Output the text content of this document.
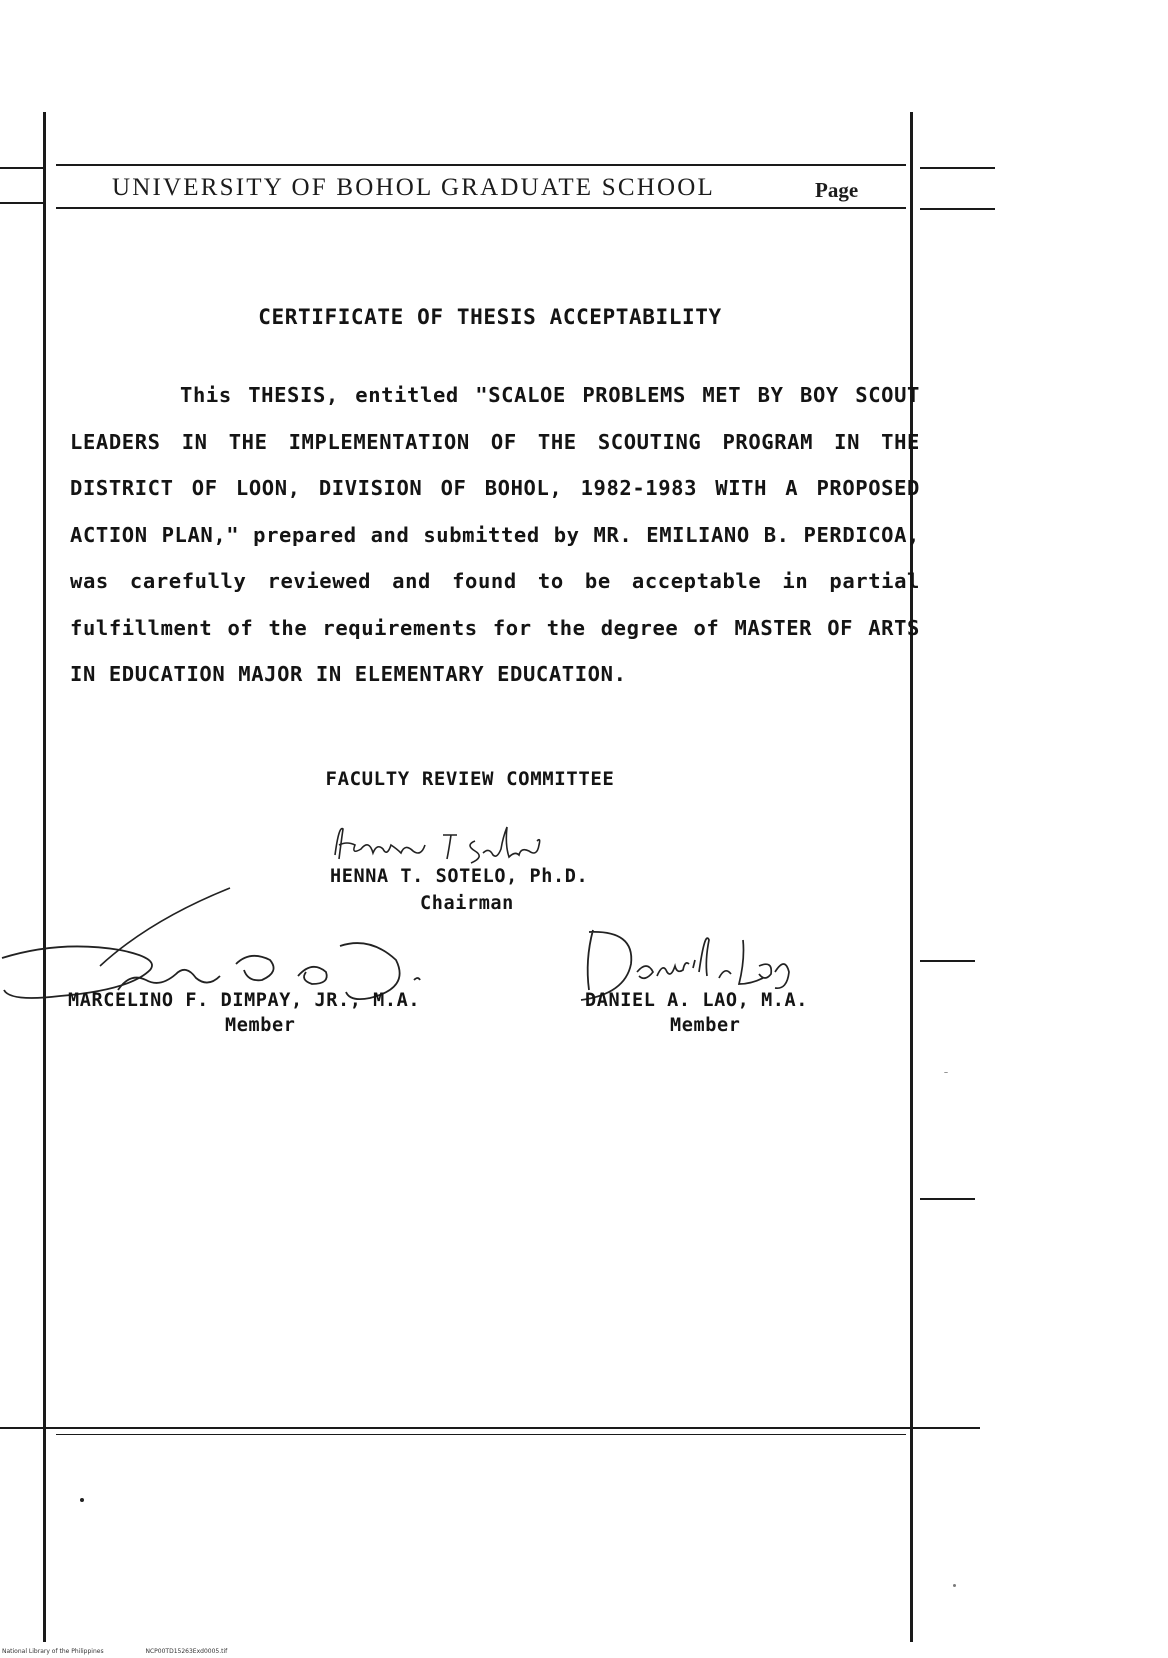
UNIVERSITY OF BOHOL GRADUATE SCHOOL	Page
CERTIFICATE OF THESIS ACCEPTABILITY
This THESIS, entitled "SCALOE PROBLEMS MET BY BOY SCOUT LEADERS IN THE IMPLEMENTATION OF THE SCOUTING PROGRAM IN THE DISTRICT OF LOON, DIVISION OF BOHOL, 1982-1983 WITH A PROPOSED ACTION PLAN," prepared and submitted by MR. EMILIANO B. PERDICOA, was carefully reviewed and found to be acceptable in partial fulfillment of the requirements for the degree of MASTER OF ARTS IN EDUCATION MAJOR IN ELEMENTARY EDUCATION.
FACULTY REVIEW COMMITTEE
HENNA T. SOTELO, Ph.D.
Chairman
MARCELINO F. DIMPAY, JR., M.A.
Member
DANIEL A. LAO, M.A.
Member
National Library of the Philippines	NCP00TD15263Exd0005.tif
